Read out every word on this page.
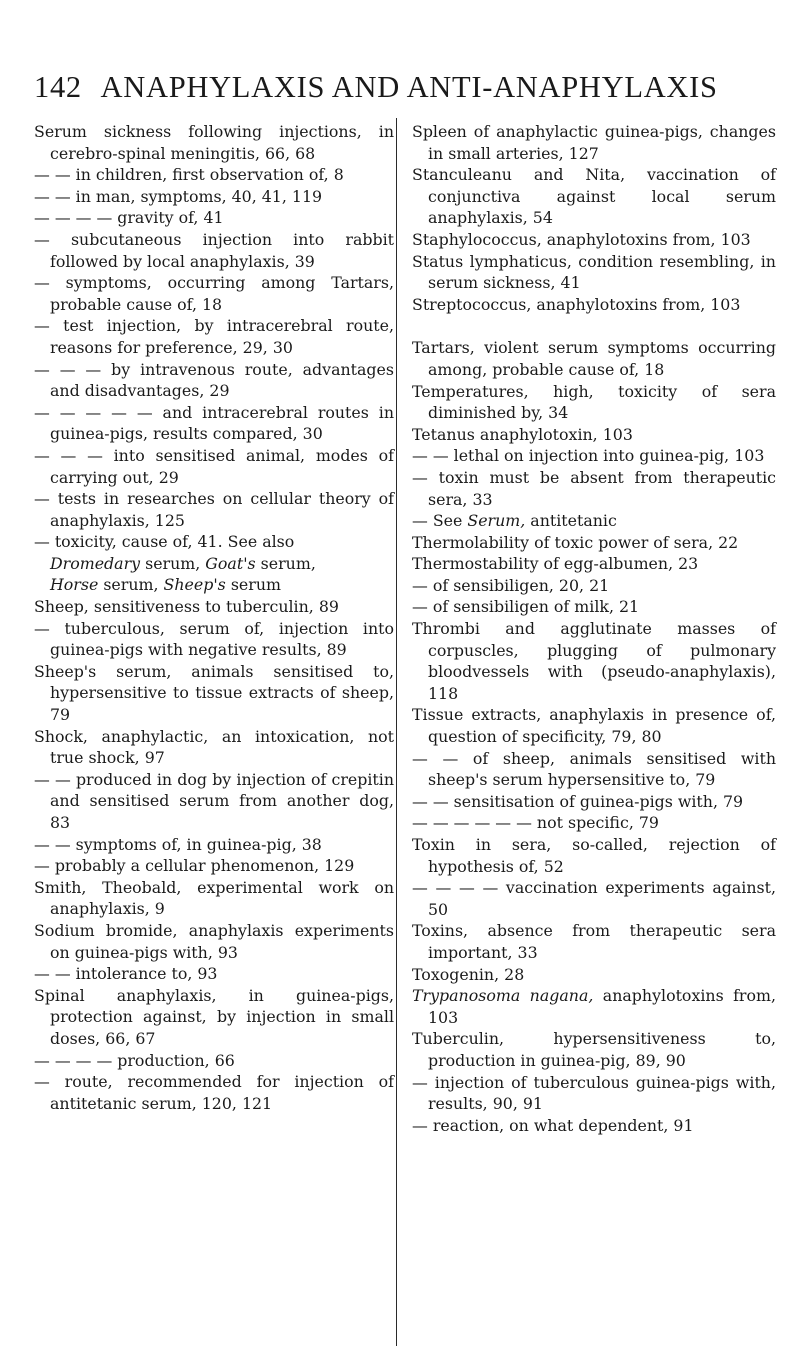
142 ANAPHYLAXIS AND ANTI-ANAPHYLAXIS

Serum sickness following injections, in cerebro-spinal meningitis, 66, 68

— — in children, first observation of, 8

— — in man, symptoms, 40, 41, 119

— — — — gravity of, 41

— subcutaneous injection into rabbit followed by local anaphylaxis, 39

— symptoms, occurring among Tartars, probable cause of, 18

— test injection, by intracerebral route, reasons for preference, 29, 30

— — — by intravenous route, advantages and disadvantages, 29

— — — — — and intracerebral routes in guinea-pigs, results compared, 30

— — — into sensitised animal, modes of carrying out, 29

— tests in researches on cellular theory of anaphylaxis, 125

— toxicity, cause of, 41. See also

Dromedary serum, Goat's serum,
Horse serum, Sheep's serum

Sheep, sensitiveness to tuberculin, 89

— tuberculous, serum of, injection into guinea-pigs with negative results, 89

Sheep's serum, animals sensitised to, hypersensitive to tissue extracts of sheep, 79

Shock, anaphylactic, an intoxication, not true shock, 97

— — produced in dog by injection of crepitin and sensitised serum from another dog, 83

— — symptoms of, in guinea-pig, 38

— probably a cellular phenomenon, 129

Smith, Theobald, experimental work on anaphylaxis, 9

Sodium bromide, anaphylaxis experiments on guinea-pigs with, 93

— — intolerance to, 93

Spinal anaphylaxis, in guinea-pigs, protection against, by injection in small doses, 66, 67

— — — — production, 66

— route, recommended for injection of antitetanic serum, 120, 121

Spleen of anaphylactic guinea-pigs, changes in small arteries, 127

Stanculeanu and Nita, vaccination of conjunctiva against local serum anaphylaxis, 54

Staphylococcus, anaphylotoxins from, 103

Status lymphaticus, condition resembling, in serum sickness, 41

Streptococcus, anaphylotoxins from, 103

Tartars, violent serum symptoms occurring among, probable cause of, 18

Temperatures, high, toxicity of sera diminished by, 34

Tetanus anaphylotoxin, 103

— — lethal on injection into guinea-pig, 103

— toxin must be absent from therapeutic sera, 33

— See Serum, antitetanic

Thermolability of toxic power of sera, 22

Thermostability of egg-albumen, 23

— of sensibiligen, 20, 21

— of sensibiligen of milk, 21

Thrombi and agglutinate masses of corpuscles, plugging of pulmonary bloodvessels with (pseudo-anaphylaxis), 118

Tissue extracts, anaphylaxis in presence of, question of specificity, 79, 80

— — of sheep, animals sensitised with sheep's serum hypersensitive to, 79

— — sensitisation of guinea-pigs with, 79

— — — — — — not specific, 79

Toxin in sera, so-called, rejection of hypothesis of, 52

— — — — vaccination experiments against, 50

Toxins, absence from therapeutic sera important, 33

Toxogenin, 28

Trypanosoma nagana, anaphylotoxins from, 103

Tuberculin, hypersensitiveness to, production in guinea-pig, 89, 90

— injection of tuberculous guinea-pigs with, results, 90, 91

— reaction, on what dependent, 91
